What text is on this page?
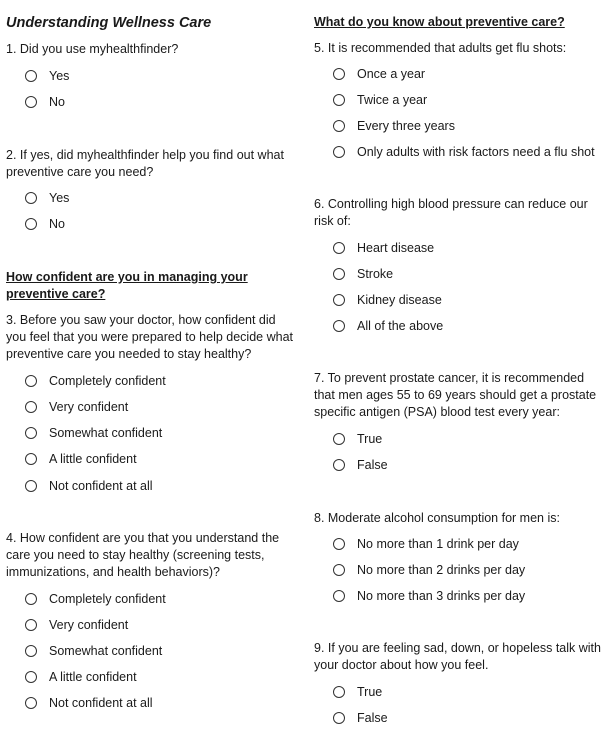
Understanding Wellness Care
1. Did you use myhealthfinder?
Yes
No
2. If yes, did myhealthfinder help you find out what
preventive care you need?
Yes
No
How confident are you in managing your
preventive care?
3. Before you saw your doctor, how confident did
you feel that you were prepared to help decide what
preventive care you needed to stay healthy?
Completely confident
Very confident
Somewhat confident
A little confident
Not confident at all
4. How confident are you that you understand the
care you need to stay healthy (screening tests,
immunizations, and health behaviors)?
Completely confident
Very confident
Somewhat confident
A little confident
Not confident at all
What do you know about preventive care?
5. It is recommended that adults get flu shots:
Once a year
Twice a year
Every three years
Only adults with risk factors need a flu shot
6. Controlling high blood pressure can reduce our
risk of:
Heart disease
Stroke
Kidney disease
All of the above
7. To prevent prostate cancer, it is recommended
that men ages 55 to 69 years should get a prostate
specific antigen (PSA) blood test every year:
True
False
8. Moderate alcohol consumption for men is:
No more than 1 drink per day
No more than 2 drinks per day
No more than 3 drinks per day
9. If you are feeling sad, down, or hopeless talk with
your doctor about how you feel.
True
False
